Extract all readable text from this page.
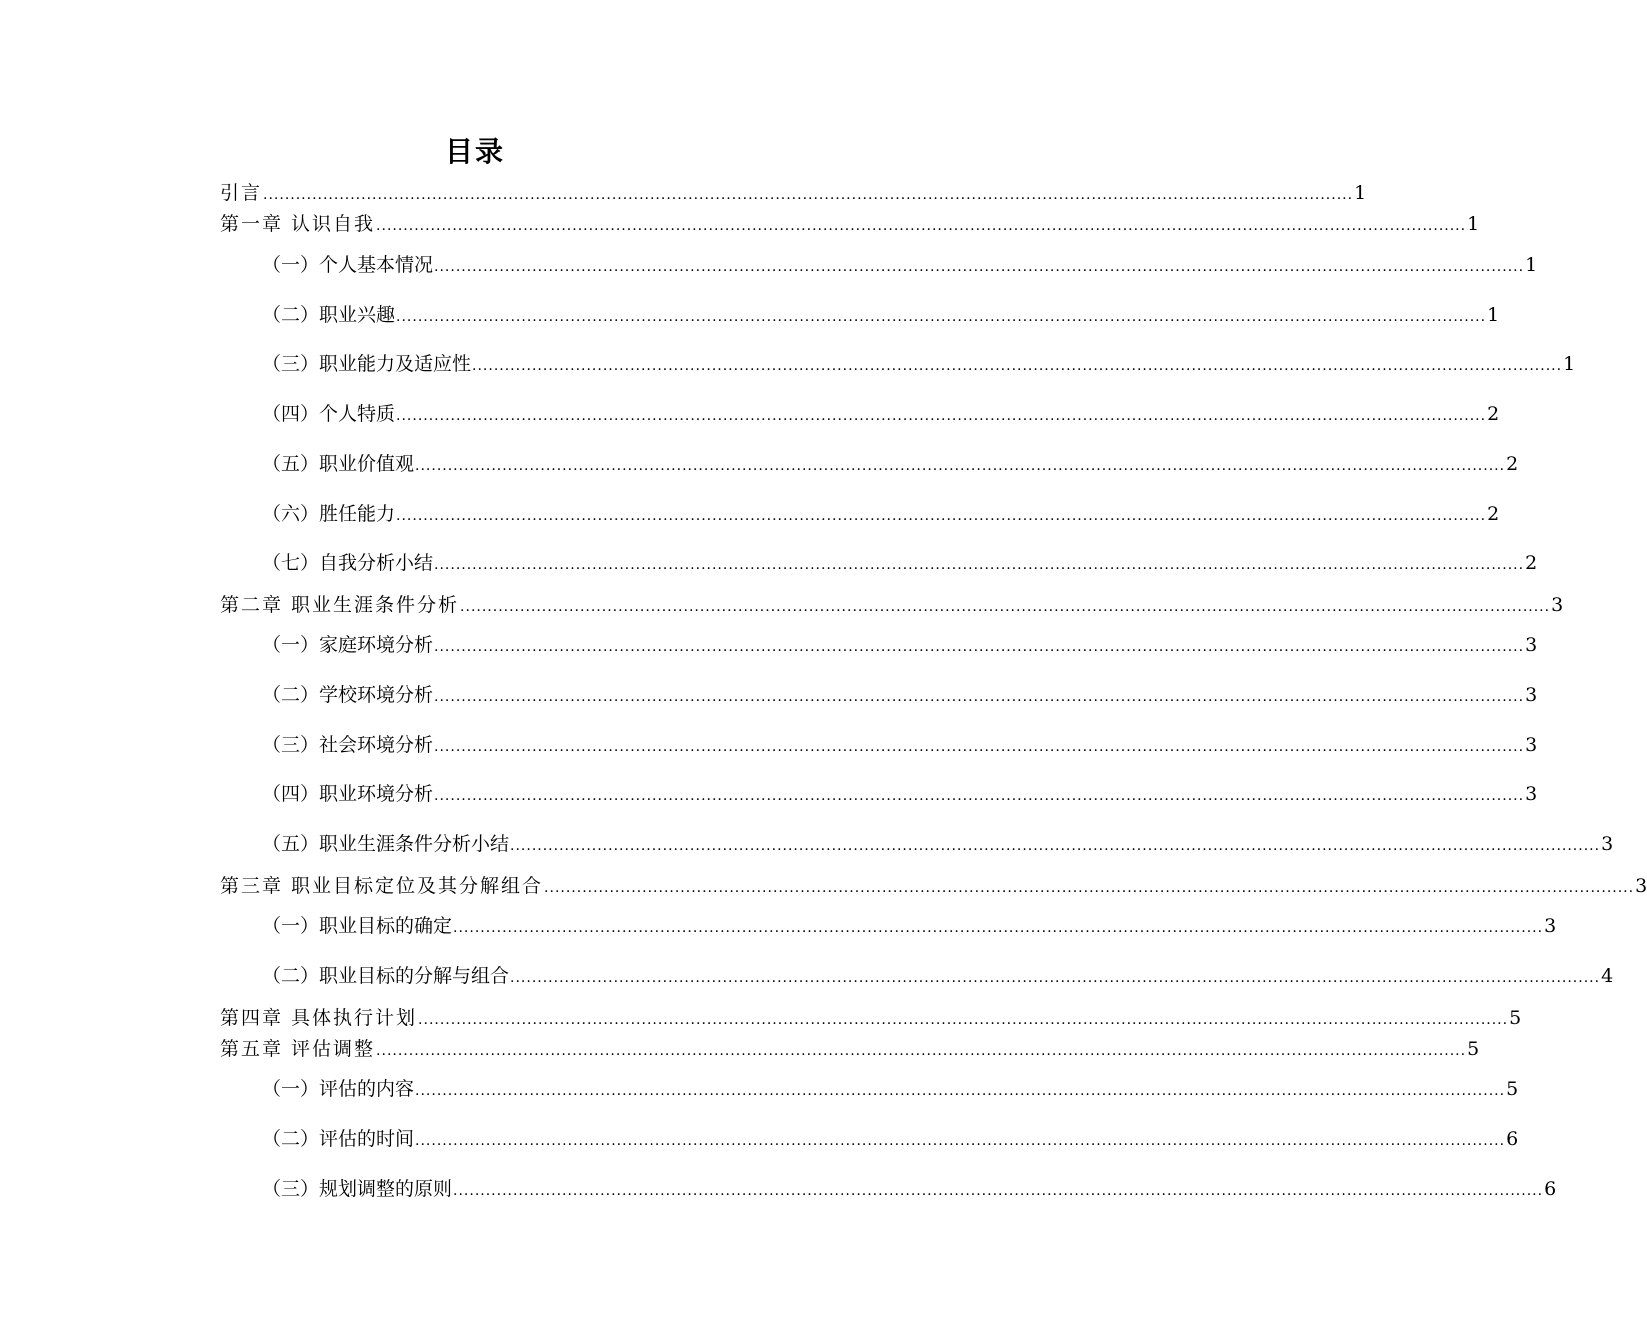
目录
引言 ........................................................................................................................................................................................................ 1
第一章 认识自我 ........................................................................................................................................................................................................ 1
（一）个人基本情况 ........................................................................................................................................................................................................ 1
（二）职业兴趣 ........................................................................................................................................................................................................ 1
（三）职业能力及适应性 ........................................................................................................................................................................................................ 1
（四）个人特质 ........................................................................................................................................................................................................ 2
（五）职业价值观 ........................................................................................................................................................................................................ 2
（六）胜任能力 ........................................................................................................................................................................................................ 2
（七）自我分析小结 ........................................................................................................................................................................................................ 2
第二章 职业生涯条件分析 ........................................................................................................................................................................................................ 3
（一）家庭环境分析 ........................................................................................................................................................................................................ 3
（二）学校环境分析 ........................................................................................................................................................................................................ 3
（三）社会环境分析 ........................................................................................................................................................................................................ 3
（四）职业环境分析 ........................................................................................................................................................................................................ 3
（五）职业生涯条件分析小结 ........................................................................................................................................................................................................ 3
第三章 职业目标定位及其分解组合 ........................................................................................................................................................................................................ 3
（一）职业目标的确定 ........................................................................................................................................................................................................ 3
（二）职业目标的分解与组合 ........................................................................................................................................................................................................ 4
第四章 具体执行计划 ........................................................................................................................................................................................................ 5
第五章 评估调整 ........................................................................................................................................................................................................ 5
（一）评估的内容 ........................................................................................................................................................................................................ 5
（二）评估的时间 ........................................................................................................................................................................................................ 6
（三）规划调整的原则 ........................................................................................................................................................................................................ 6
